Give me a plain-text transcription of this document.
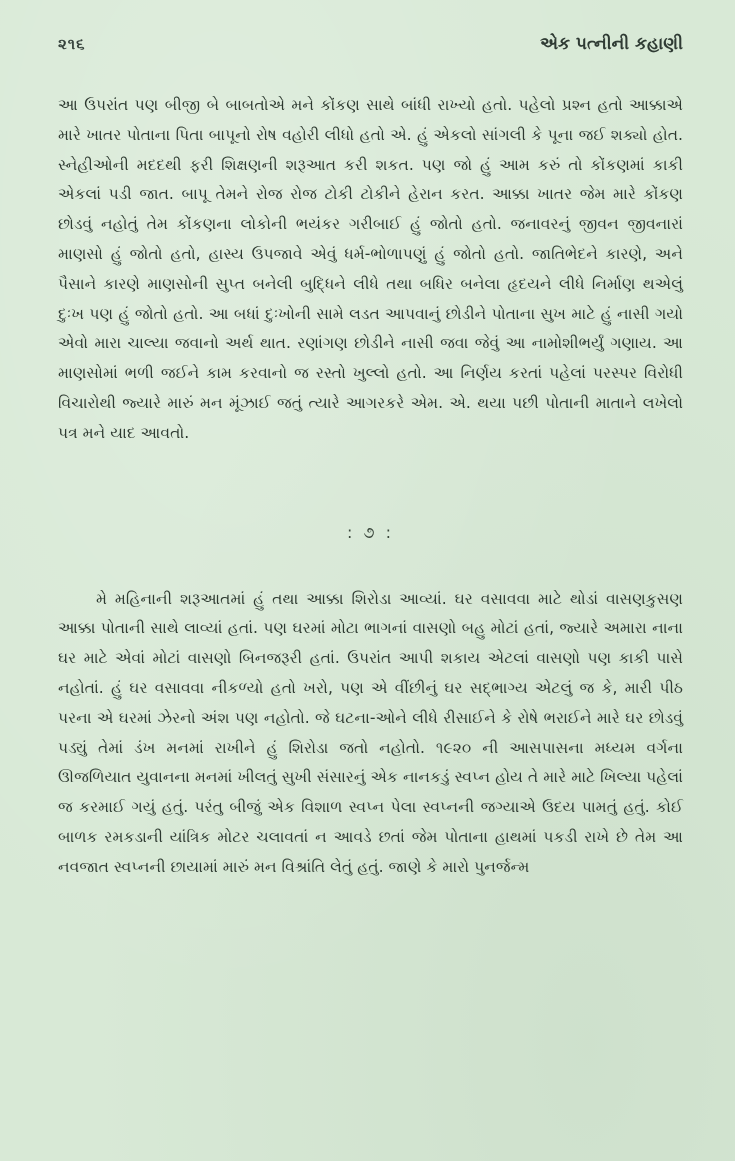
૨૧૬	એક પત્નીની કહાણી

આ ઉપરાંત પણ બીજી બે બાબતોએ મને કોંકણ સાથે બાંધી રાખ્યો હતો. પહેલો પ્રશ્ન હતો આક્કાએ મારે ખાતર પોતાના પિતા બાપૂનો રોષ વહોરી લીધો હતો એ. હું એકલો સાંગલી કે પૂના જઈ શક્યો હોત. સ્નેહીઓની મદદથી ફરી શિક્ષણની શરૂઆત કરી શકત. પણ જો હું આમ કરું તો કોંકણમાં કાકી એકલાં પડી જાત. બાપૂ તેમને રોજ રોજ ટોકી ટોકીને હેરાન કરત. આક્કા ખાતર જેમ મારે કોંકણ છોડવું નહોતું તેમ કોંકણના લોકોની ભયંકર ગરીબાઈ હું જોતો હતો. જનાવરનું જીવન જીવનારાં માણસો હું જોતો હતો, હાસ્ય ઉપજાવે એવું ધર્મ-ભોળાપણું હું જોતો હતો. જાતિભેદને કારણે, અને પૈસાને કારણે માણસોની સુપ્ત બનેલી બુદ્ધિને લીધે તથા બધિર બનેલા હૃદયને લીધે નિર્માણ થએલું દુઃખ પણ હું જોતો હતો. આ બધાં દુઃખોની સામે લડત આપવાનું છોડીને પોતાના સુખ માટે હું નાસી ગયો એવો મારા ચાલ્યા જવાનો અર્થ થાત. રણાંગણ છોડીને નાસી જવા જેવું આ નામોશીભર્યું ગણાય. આ માણસોમાં ભળી જઈને કામ કરવાનો જ રસ્તો ખુલ્લો હતો. આ નિર્ણય કરતાં પહેલાં પરસ્પર વિરોધી વિચારોથી જ્યારે મારું મન મૂંઝાઈ જતું ત્યારે આગરકરે એમ. એ. થયા પછી પોતાની માતાને લખેલો પત્ર મને યાદ આવતો.

: ૭ :

મે મહિનાની શરૂઆતમાં હું તથા આક્કા શિરોડા આવ્યાં. ઘર વસાવવા માટે થોડાં વાસણકુસણ આક્કા પોતાની સાથે લાવ્યાં હતાં. પણ ઘરમાં મોટા ભાગનાં વાસણો બહુ મોટાં હતાં, જ્યારે અમારા નાના ઘર માટે એવાં મોટાં વાસણો બિનજરૂરી હતાં. ઉપરાંત આપી શકાય એટલાં વાસણો પણ કાકી પાસે નહોતાં. હું ઘર વસાવવા નીકળ્યો હતો ખરો, પણ એ વીંછીનું ઘર સદ્ભાગ્ય એટલું જ કે, મારી પીઠ પરના એ ઘરમાં ઝેરનો અંશ પણ નહોતો. જે ઘટના-ઓને લીધે રીસાઈને કે રોષે ભરાઈને મારે ઘર છોડવું પડ્યું તેમાં ડંખ મનમાં રાખીને હું શિરોડા જતો નહોતો. ૧૯૨૦ ની આસપાસના મધ્યમ વર્ગના ઊજળિયાત યુવાનના મનમાં ખીલતું સુખી સંસારનું એક નાનકડું સ્વપ્ન હોય તે મારે માટે ખિલ્યા પહેલાં જ કરમાઈ ગયું હતું. પરંતુ બીજું એક વિશાળ સ્વપ્ન પેલા સ્વપ્નની જગ્યાએ ઉદય પામતું હતું. કોઈ બાળક રમકડાની યાંત્રિક મોટર ચલાવતાં ન આવડે છતાં જેમ પોતાના હાથમાં પકડી રાખે છે તેમ આ નવજાત સ્વપ્નની છાયામાં મારું મન વિશ્રાંતિ લેતું હતું. જાણે કે મારો પુનર્જન્મ
